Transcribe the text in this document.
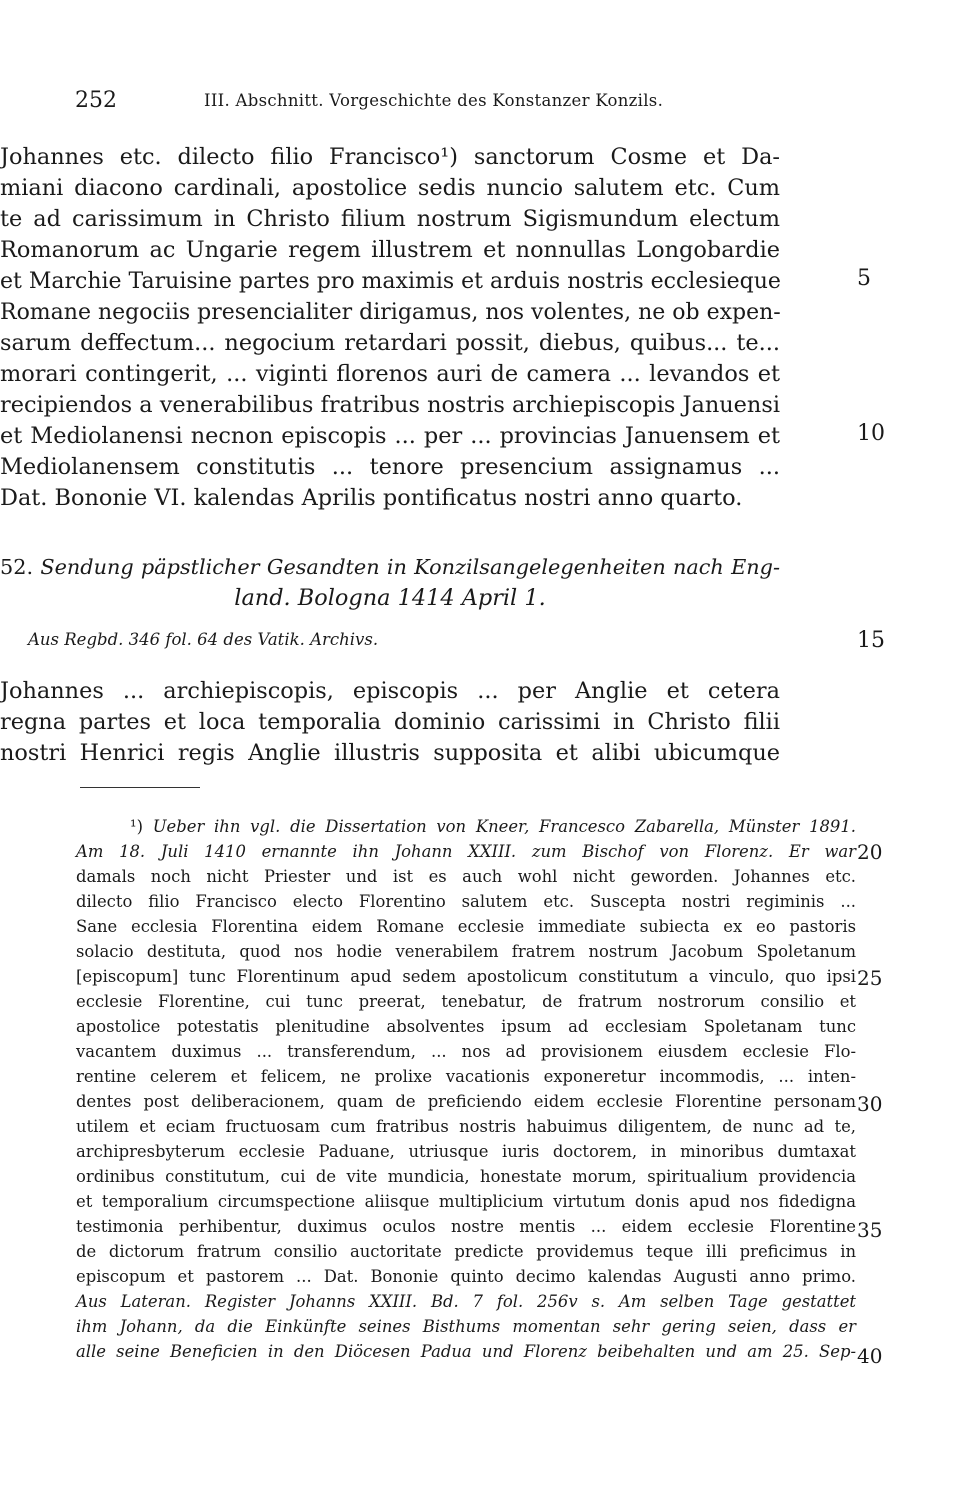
252	III. Abschnitt. Vorgeschichte des Konstanzer Konzils.
Johannes etc. dilecto filio Francisco¹) sanctorum Cosme et Da-
miani diacono cardinali, apostolice sedis nuncio salutem etc. Cum
te ad carissimum in Christo filium nostrum Sigismundum electum
Romanorum ac Ungarie regem illustrem et nonnullas Longobardie
et Marchie Taruisine partes pro maximis et arduis nostris ecclesieque
Romane negociis presencialiter dirigamus, nos volentes, ne ob expen-
sarum deffectum... negocium retardari possit, diebus, quibus... te...
morari contingerit, ... viginti florenos auri de camera ... levandos et
recipiendos a venerabilibus fratribus nostris archiepiscopis Januensi
et Mediolanensi necnon episcopis ... per ... provincias Januensem et
Mediolanensem constitutis ... tenore presencium assignamus ...
Dat. Bononie VI. kalendas Aprilis pontificatus nostri anno quarto.
5
10
15
20
25
30
35
40
52. Sendung päpstlicher Gesandten in Konzilsangelegenheiten nach Eng-
land. Bologna 1414 April 1.
Aus Regbd. 346 fol. 64 des Vatik. Archivs.
Johannes ... archiepiscopis, episcopis ... per Anglie et cetera
regna partes et loca temporalia dominio carissimi in Christo filii
nostri Henrici regis Anglie illustris supposita et alibi ubicumque
¹) Ueber ihn vgl. die Dissertation von Kneer, Francesco Zabarella, Münster 1891.
Am 18. Juli 1410 ernannte ihn Johann XXIII. zum Bischof von Florenz. Er war
damals noch nicht Priester und ist es auch wohl nicht geworden. Johannes etc.
dilecto filio Francisco electo Florentino salutem etc. Suscepta nostri regiminis ...
Sane ecclesia Florentina eidem Romane ecclesie immediate subiecta ex eo pastoris
solacio destituta, quod nos hodie venerabilem fratrem nostrum Jacobum Spoletanum
[episcopum] tunc Florentinum apud sedem apostolicum constitutum a vinculo, quo ipsi
ecclesie Florentine, cui tunc preerat, tenebatur, de fratrum nostrorum consilio et
apostolice potestatis plenitudine absolventes ipsum ad ecclesiam Spoletanam tunc
vacantem duximus ... transferendum, ... nos ad provisionem eiusdem ecclesie Flo-
rentine celerem et felicem, ne prolixe vacationis exponeretur incommodis, ... inten-
dentes post deliberacionem, quam de preficiendo eidem ecclesie Florentine personam
utilem et eciam fructuosam cum fratribus nostris habuimus diligentem, de nunc ad te,
archipresbyterum ecclesie Paduane, utriusque iuris doctorem, in minoribus dumtaxat
ordinibus constitutum, cui de vite mundicia, honestate morum, spiritualium providencia
et temporalium circumspectione aliisque multiplicium virtutum donis apud nos fidedigna
testimonia perhibentur, duximus oculos nostre mentis ... eidem ecclesie Florentine
de dictorum fratrum consilio auctoritate predicte providemus teque illi preficimus in
episcopum et pastorem ... Dat. Bononie quinto decimo kalendas Augusti anno primo.
Aus Lateran. Register Johanns XXIII. Bd. 7 fol. 256v s. Am selben Tage gestattet
ihm Johann, da die Einkünfte seines Bisthums momentan sehr gering seien, dass er
alle seine Beneficien in den Diöcesen Padua und Florenz beibehalten und am 25. Sep-
